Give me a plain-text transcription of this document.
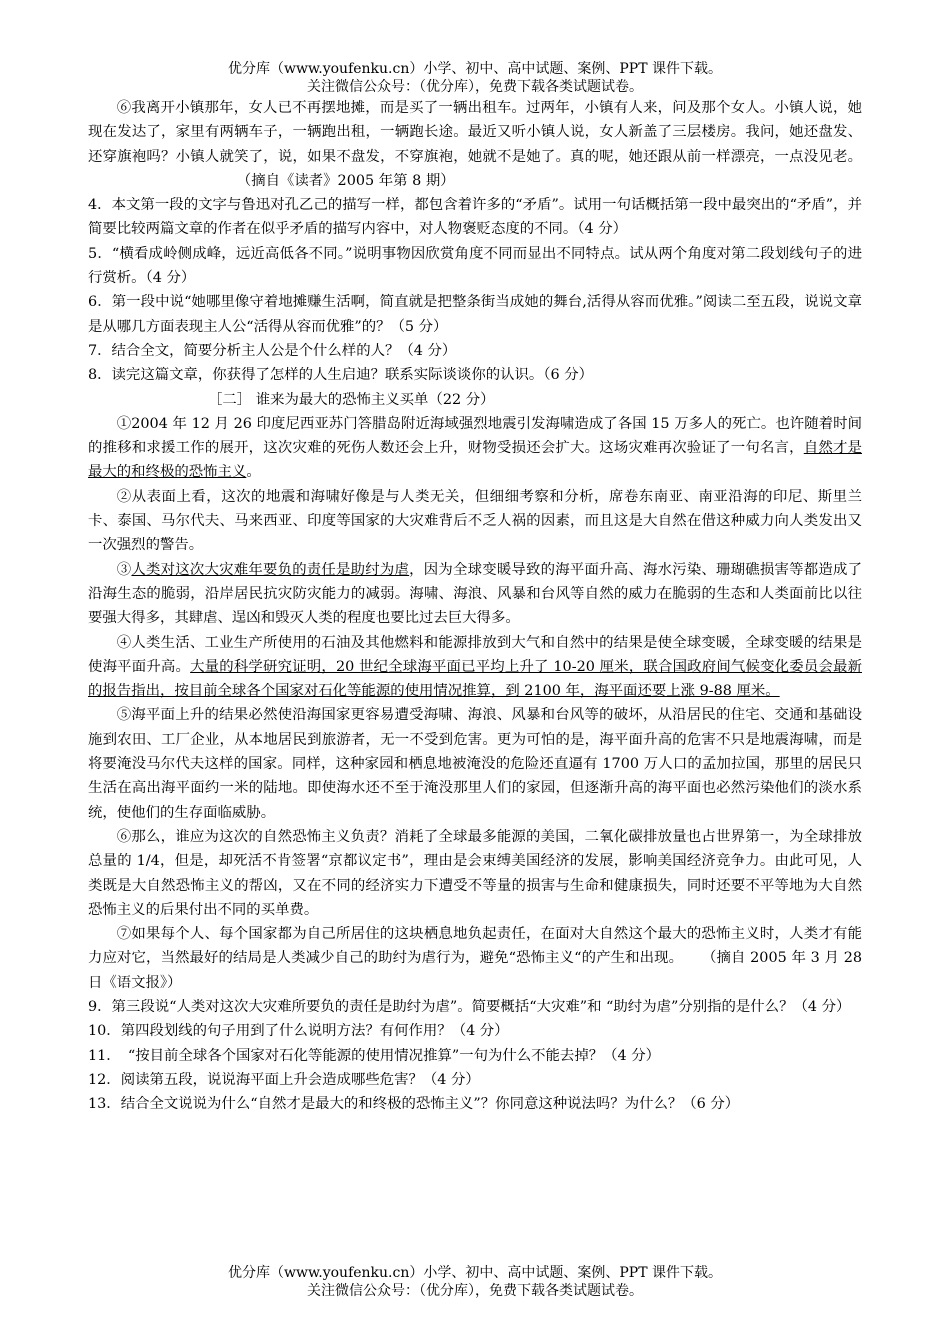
优分库（www.youfenku.cn）小学、初中、高中试题、案例、PPT 课件下载。
关注微信公众号：（优分库），免费下载各类试题试卷。

⑥我离开小镇那年，女人已不再摆地摊，而是买了一辆出租车。过两年，小镇有人来，问及那个女人。小镇人说，她现在发达了，家里有两辆车子，一辆跑出租，一辆跑长途。最近又听小镇人说，女人新盖了三层楼房。我问，她还盘发、还穿旗袍吗？小镇人就笑了，说，如果不盘发，不穿旗袍，她就不是她了。真的呢，她还跟从前一样漂亮，一点没见老。（摘自《读者》2005 年第 8 期）

4．本文第一段的文字与鲁迅对孔乙己的描写一样，都包含着许多的“矛盾”。试用一句话概括第一段中最突出的“矛盾”，并简要比较两篇文章的作者在似乎矛盾的描写内容中，对人物褒贬态度的不同。（4 分）

5．“横看成岭侧成峰，远近高低各不同。”说明事物因欣赏角度不同而显出不同特点。试从两个角度对第二段划线句子的进行赏析。（4 分）

6．第一段中说“她哪里像守着地摊赚生活啊，简直就是把整条街当成她的舞台,活得从容而优雅。”阅读二至五段，说说文章是从哪几方面表现主人公“活得从容而优雅”的？（5 分）

7．结合全文，简要分析主人公是个什么样的人？（4 分）

8．读完这篇文章，你获得了怎样的人生启迪？联系实际谈谈你的认识。（6 分）

［二］ 谁来为最大的恐怖主义买单（22 分）

①2004 年 12 月 26 印度尼西亚苏门答腊岛附近海域强烈地震引发海啸造成了各国 15 万多人的死亡。也许随着时间的推移和求援工作的展开，这次灾难的死伤人数还会上升，财物受损还会扩大。这场灾难再次验证了一句名言，自然才是最大的和终极的恐怖主义。

②从表面上看，这次的地震和海啸好像是与人类无关，但细细考察和分析，席卷东南亚、南亚沿海的印尼、斯里兰卡、泰国、马尔代夫、马来西亚、印度等国家的大灾难背后不乏人祸的因素，而且这是大自然在借这种威力向人类发出又一次强烈的警告。

③人类对这次大灾难年要负的责任是助纣为虐，因为全球变暖导致的海平面升高、海水污染、珊瑚礁损害等都造成了沿海生态的脆弱，沿岸居民抗灾防灾能力的减弱。海啸、海浪、风暴和台风等自然的威力在脆弱的生态和人类面前比以往要强大得多，其肆虐、逞凶和毁灭人类的程度也要比过去巨大得多。

④人类生活、工业生产所使用的石油及其他燃料和能源排放到大气和自然中的结果是使全球变暖，全球变暖的结果是使海平面升高。大量的科学研究证明，20 世纪全球海平面已平均上升了 10-20 厘米，联合国政府间气候变化委员会最新的报告指出，按目前全球各个国家对石化等能源的使用情况推算，到 2100 年，海平面还要上涨 9-88 厘米。

⑤海平面上升的结果必然使沿海国家更容易遭受海啸、海浪、风暴和台风等的破坏，从沿居民的住宅、交通和基础设施到农田、工厂企业，从本地居民到旅游者，无一不受到危害。更为可怕的是，海平面升高的危害不只是地震海啸，而是将要淹没马尔代夫这样的国家。同样，这种家园和栖息地被淹没的危险还直逼有 1700 万人口的孟加拉国，那里的居民只生活在高出海平面约一米的陆地。即使海水还不至于淹没那里人们的家园，但逐渐升高的海平面也必然污染他们的淡水系统，使他们的生存面临威胁。

⑥那么，谁应为这次的自然恐怖主义负责？消耗了全球最多能源的美国，二氧化碳排放量也占世界第一，为全球排放总量的 1/4，但是，却死活不肯签署“京都议定书”，理由是会束缚美国经济的发展，影响美国经济竞争力。由此可见，人类既是大自然恐怖主义的帮凶，又在不同的经济实力下遭受不等量的损害与生命和健康损失，同时还要不平等地为大自然恐怖主义的后果付出不同的买单费。

⑦如果每个人、每个国家都为自己所居住的这块栖息地负起责任，在面对大自然这个最大的恐怖主义时，人类才有能力应对它，当然最好的结局是人类减少自己的助纣为虐行为，避免“恐怖主义“的产生和出现。 （摘自 2005 年 3 月 28 日《语文报》）

9．第三段说“人类对这次大灾难所要负的责任是助纣为虐”。简要概括“大灾难”和 “助纣为虐”分别指的是什么？（4 分）

10．第四段划线的句子用到了什么说明方法？有何作用？（4 分）

11．　“按目前全球各个国家对石化等能源的使用情况推算”一句为什么不能去掉？（4 分）

12．阅读第五段，说说海平面上升会造成哪些危害？（4 分）

13．结合全文说说为什么“自然才是最大的和终极的恐怖主义”？你同意这种说法吗？为什么？（6 分）

优分库（www.youfenku.cn）小学、初中、高中试题、案例、PPT 课件下载。
关注微信公众号：（优分库），免费下载各类试题试卷。
